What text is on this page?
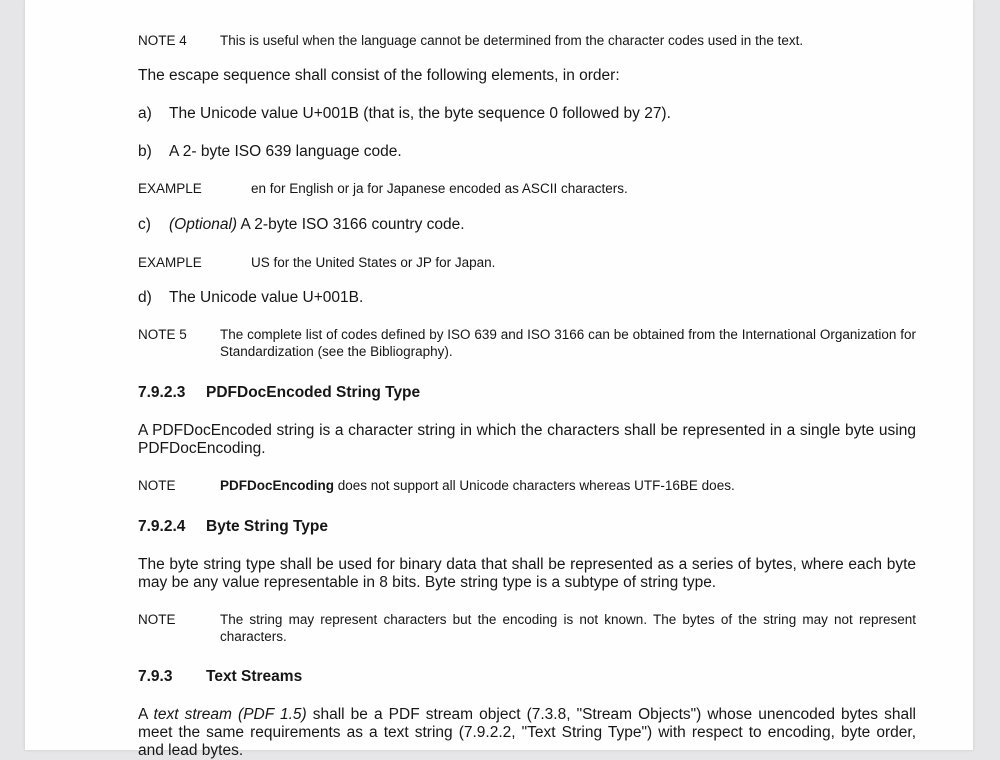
NOTE 4 This is useful when the language cannot be determined from the character codes used in the text.
The escape sequence shall consist of the following elements, in order:
a) The Unicode value U+001B (that is, the byte sequence 0 followed by 27).
b) A 2- byte ISO 639 language code.
EXAMPLE	en for English or ja for Japanese encoded as ASCII characters.
c) (Optional) A 2-byte ISO 3166 country code.
EXAMPLE	US for the United States or JP for Japan.
d) The Unicode value U+001B.
NOTE 5 The complete list of codes defined by ISO 639 and ISO 3166 can be obtained from the International Organization for Standardization (see the Bibliography).
7.9.2.3 PDFDocEncoded String Type
A PDFDocEncoded string is a character string in which the characters shall be represented in a single byte using PDFDocEncoding.
NOTE	PDFDocEncoding does not support all Unicode characters whereas UTF-16BE does.
7.9.2.4 Byte String Type
The byte string type shall be used for binary data that shall be represented as a series of bytes, where each byte may be any value representable in 8 bits. Byte string type is a subtype of string type.
NOTE	The string may represent characters but the encoding is not known. The bytes of the string may not represent characters.
7.9.3 Text Streams
A text stream (PDF 1.5) shall be a PDF stream object (7.3.8, "Stream Objects") whose unencoded bytes shall meet the same requirements as a text string (7.9.2.2, "Text String Type") with respect to encoding, byte order, and lead bytes.
